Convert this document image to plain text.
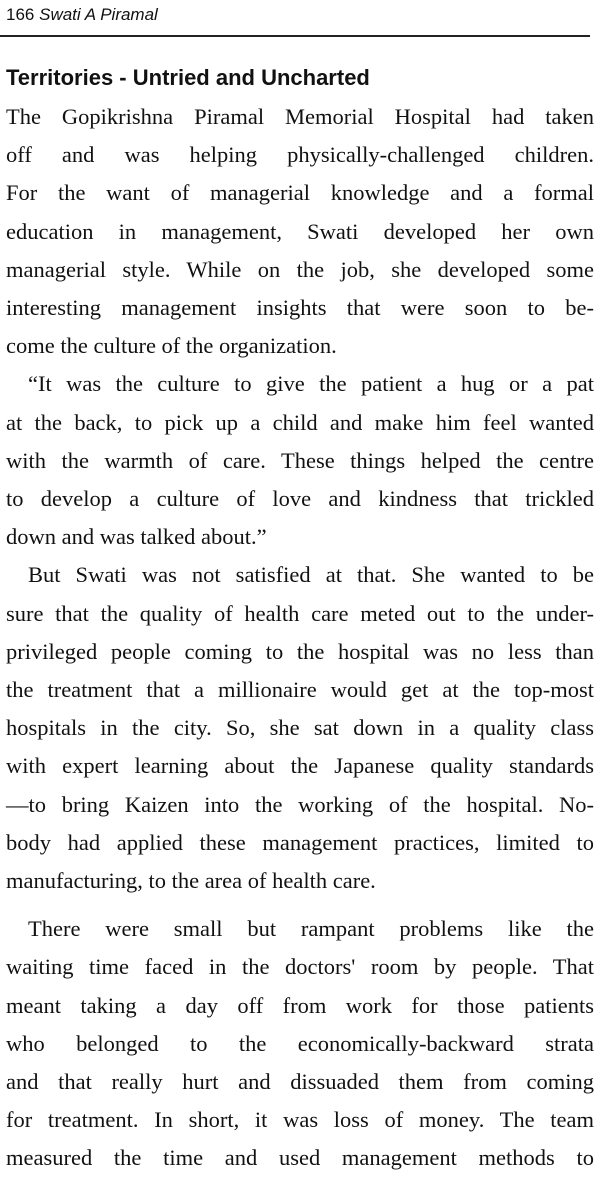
166 Swati A Piramal
Territories - Untried and Uncharted

The Gopikrishna Piramal Memorial Hospital had taken

off and was helping physically-challenged children.

For the want of managerial knowledge and a formal

education in management, Swati developed her own

managerial style. While on the job, she developed some

interesting management insights that were soon to be-

come the culture of the organization.

“It was the culture to give the patient a hug or a pat

at the back, to pick up a child and make him feel wanted

with the warmth of care. These things helped the centre

to develop a culture of love and kindness that trickled

down and was talked about.”

But Swati was not satisfied at that. She wanted to be

sure that the quality of health care meted out to the under-

privileged people coming to the hospital was no less than

the treatment that a millionaire would get at the top-most

hospitals in the city. So, she sat down in a quality class

with expert learning about the Japanese quality standards

—to bring Kaizen into the working of the hospital. No-

body had applied these management practices, limited to

manufacturing, to the area of health care.

There were small but rampant problems like the

waiting time faced in the doctors' room by people. That

meant taking a day off from work for those patients

who belonged to the economically-backward strata

and that really hurt and dissuaded them from coming

for treatment. In short, it was loss of money. The team

measured the time and used management methods to
